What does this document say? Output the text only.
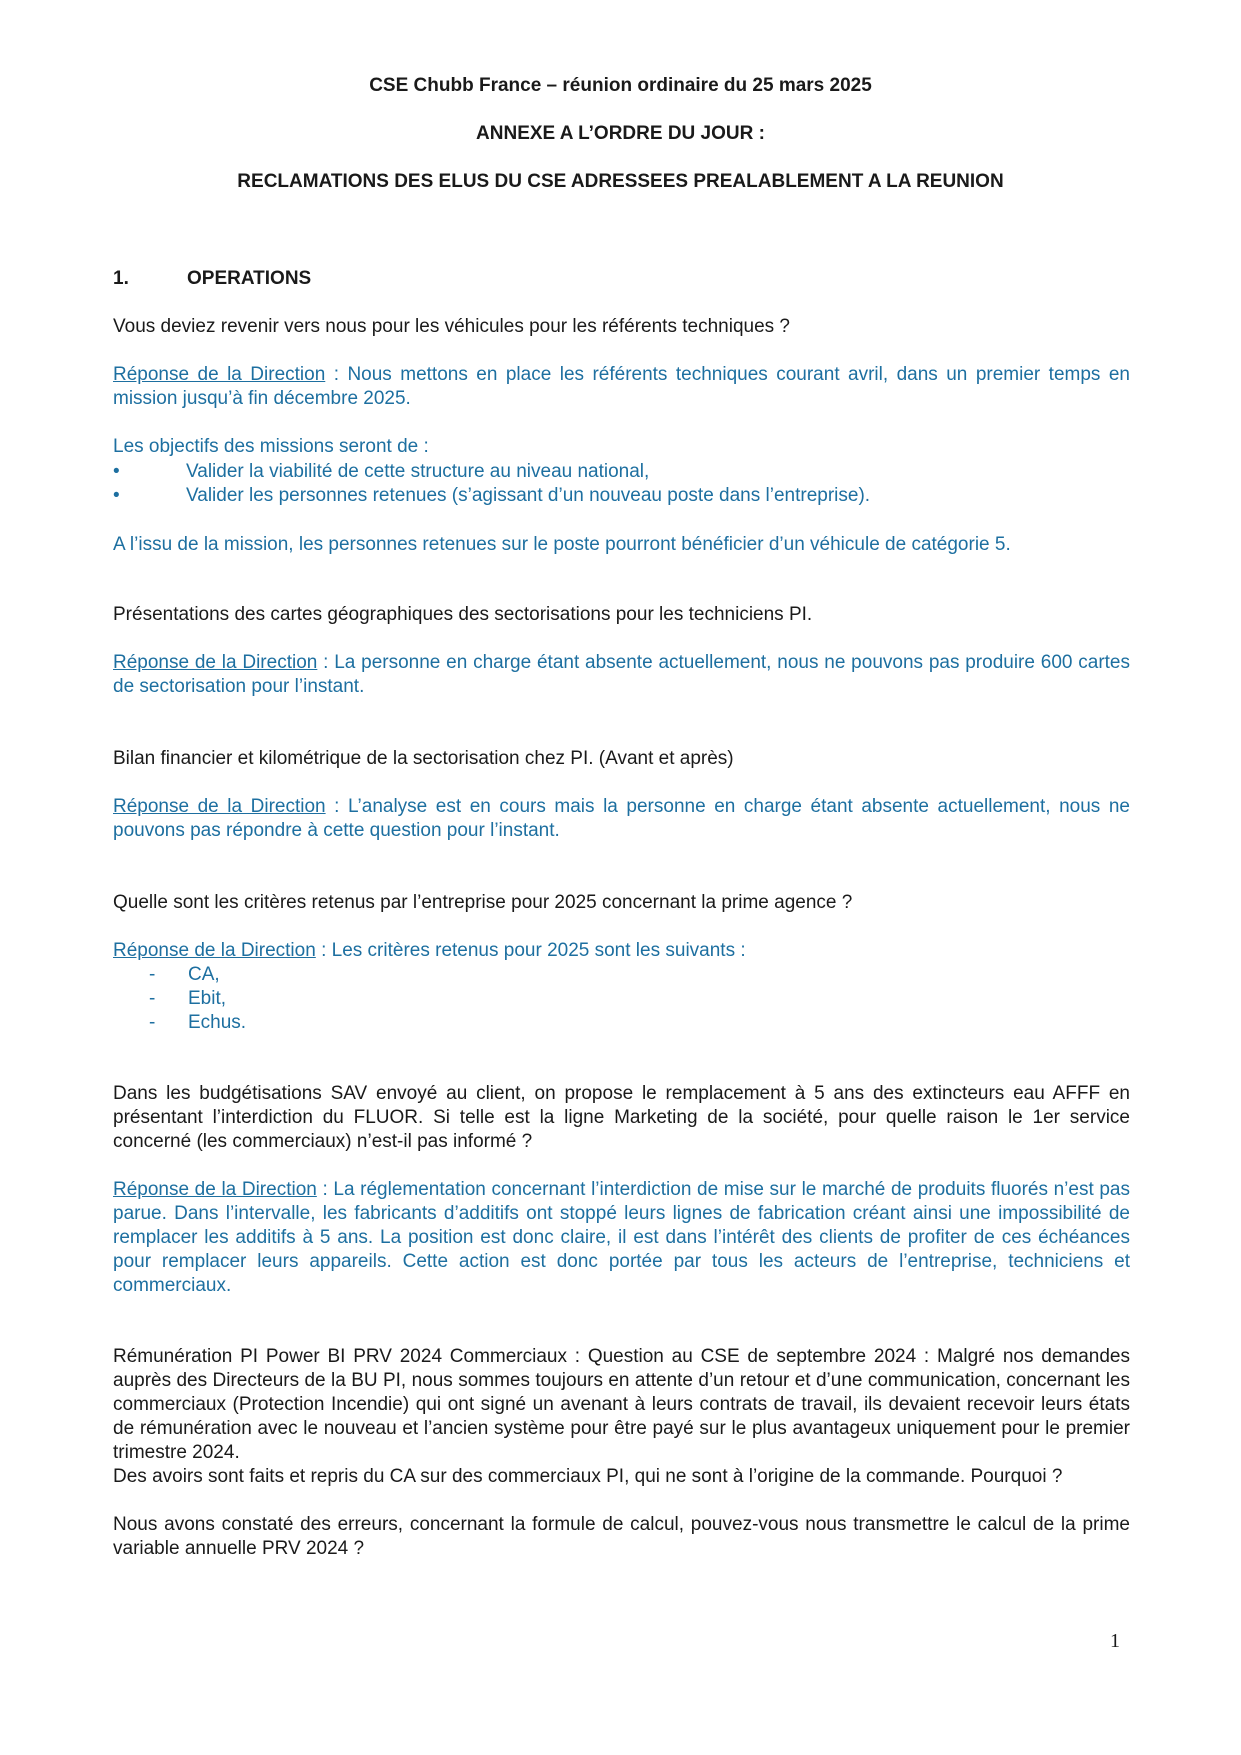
CSE Chubb France – réunion ordinaire du 25 mars 2025
ANNEXE A L’ORDRE DU JOUR :
RECLAMATIONS DES ELUS DU CSE ADRESSEES PREALABLEMENT A LA REUNION
1.	OPERATIONS
Vous deviez revenir vers nous pour les véhicules pour les référents techniques ?
Réponse de la Direction : Nous mettons en place les référents techniques courant avril, dans un premier temps en mission jusqu’à fin décembre 2025.
Les objectifs des missions seront de :
•	Valider la viabilité de cette structure au niveau national,
•	Valider les personnes retenues (s’agissant d’un nouveau poste dans l’entreprise).
A l’issu de la mission, les personnes retenues sur le poste pourront bénéficier d’un véhicule de catégorie 5.
Présentations des cartes géographiques des sectorisations pour les techniciens PI.
Réponse de la Direction : La personne en charge étant absente actuellement, nous ne pouvons pas produire 600 cartes de sectorisation pour l’instant.
Bilan financier et kilométrique de la sectorisation chez PI. (Avant et après)
Réponse de la Direction : L’analyse est en cours mais la personne en charge étant absente actuellement, nous ne pouvons pas répondre à cette question pour l’instant.
Quelle sont les critères retenus par l’entreprise pour 2025 concernant la prime agence ?
Réponse de la Direction : Les critères retenus pour 2025 sont les suivants :
- CA,
- Ebit,
- Echus.
Dans les budgétisations SAV envoyé au client, on propose le remplacement à 5 ans des extincteurs eau AFFF en présentant l’interdiction du FLUOR. Si telle est la ligne Marketing de la société, pour quelle raison le 1er service concerné (les commerciaux) n’est-il pas informé ?
Réponse de la Direction : La réglementation concernant l’interdiction de mise sur le marché de produits fluorés n’est pas parue. Dans l’intervalle, les fabricants d’additifs ont stoppé leurs lignes de fabrication créant ainsi une impossibilité de remplacer les additifs à 5 ans. La position est donc claire, il est dans l’intérêt des clients de profiter de ces échéances pour remplacer leurs appareils. Cette action est donc portée par tous les acteurs de l’entreprise, techniciens et commerciaux.
Rémunération PI Power BI PRV 2024 Commerciaux : Question au CSE de septembre 2024 : Malgré nos demandes auprès des Directeurs de la BU PI, nous sommes toujours en attente d’un retour et d’une communication, concernant les commerciaux (Protection Incendie) qui ont signé un avenant à leurs contrats de travail, ils devaient recevoir leurs états de rémunération avec le nouveau et l’ancien système pour être payé sur le plus avantageux uniquement pour le premier trimestre 2024.
Des avoirs sont faits et repris du CA sur des commerciaux PI, qui ne sont à l’origine de la commande. Pourquoi ?
Nous avons constaté des erreurs, concernant la formule de calcul, pouvez-vous nous transmettre le calcul de la prime variable annuelle PRV 2024 ?
1
